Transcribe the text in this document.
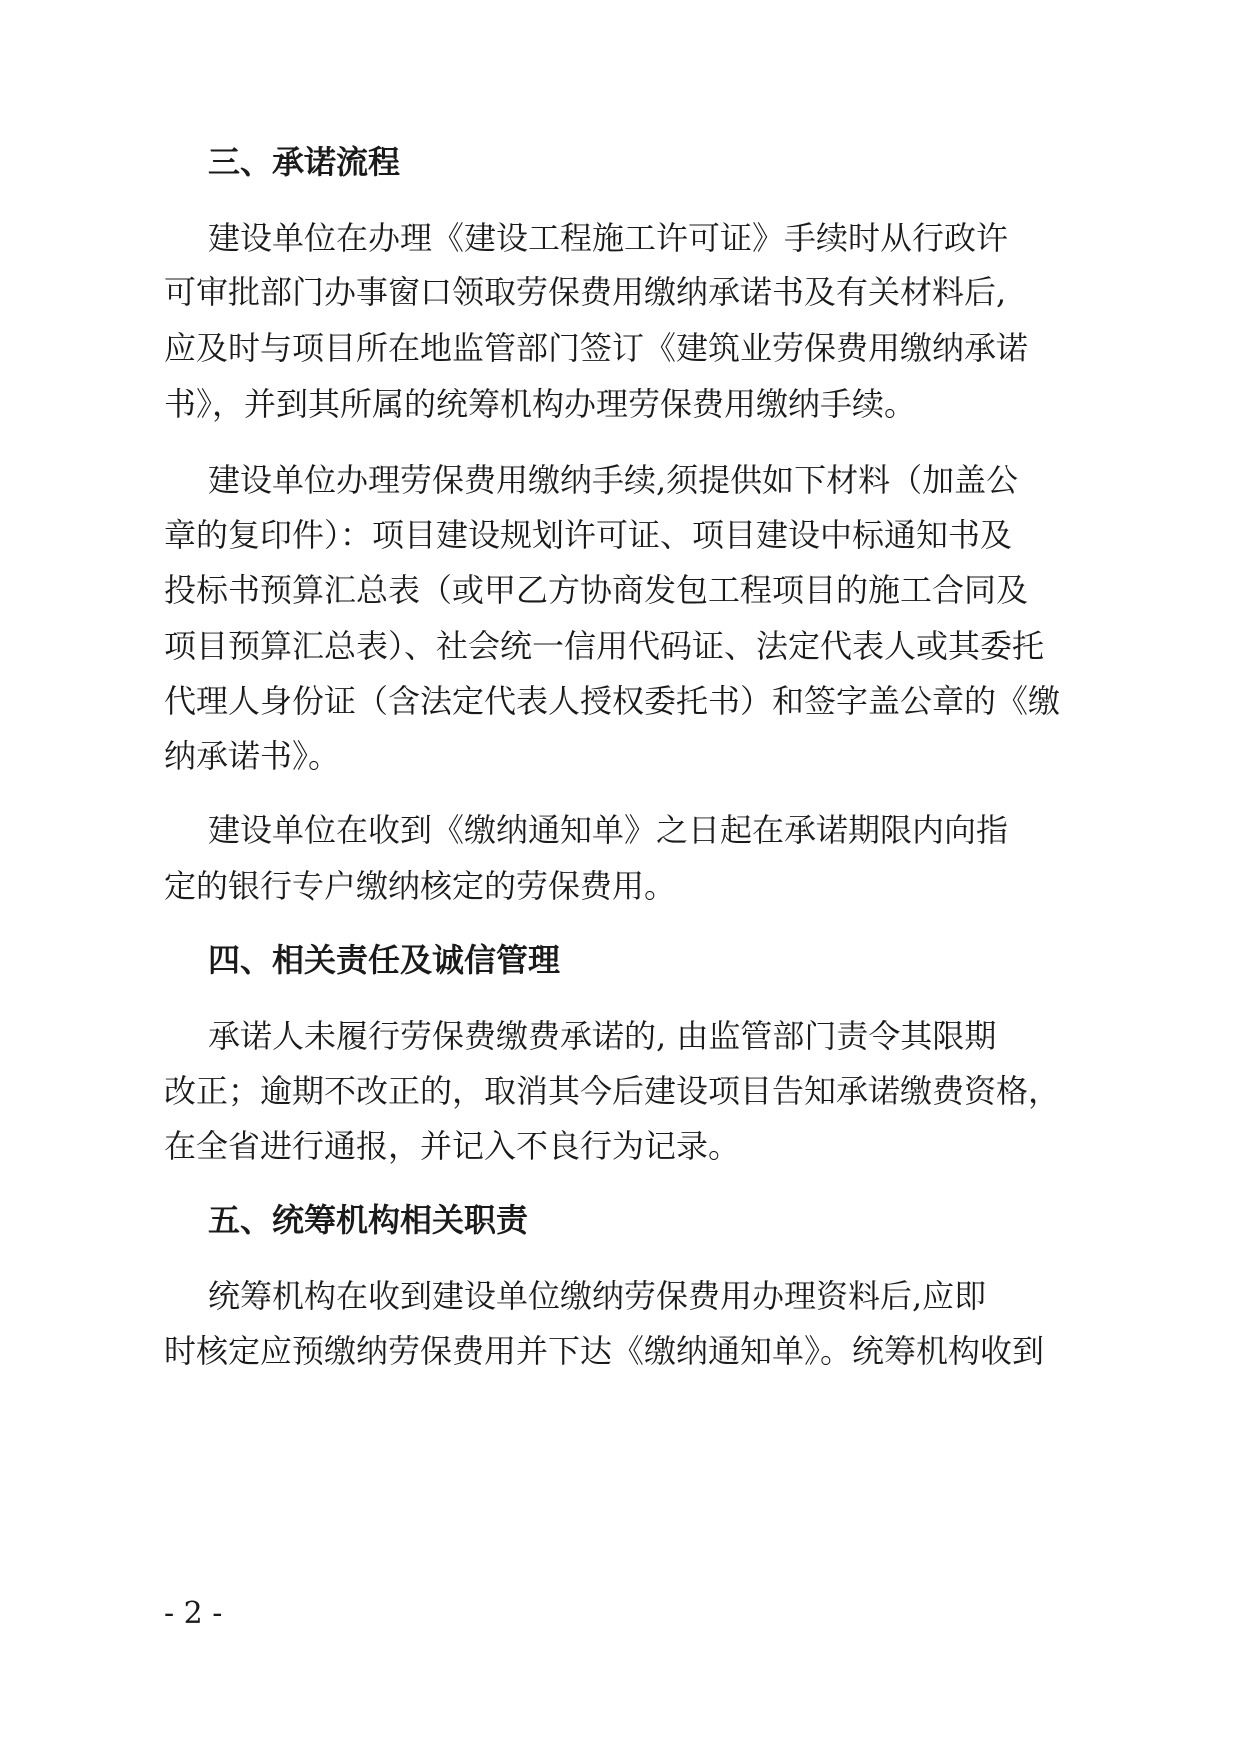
三、承诺流程
建设单位在办理《建设工程施工许可证》手续时从行政许
可审批部门办事窗口领取劳保费用缴纳承诺书及有关材料后,
应及时与项目所在地监管部门签订《建筑业劳保费用缴纳承诺
书》，并到其所属的统筹机构办理劳保费用缴纳手续。
建设单位办理劳保费用缴纳手续,须提供如下材料（加盖公
章的复印件）：项目建设规划许可证、项目建设中标通知书及
投标书预算汇总表（或甲乙方协商发包工程项目的施工合同及
项目预算汇总表）、社会统一信用代码证、法定代表人或其委托
代理人身份证（含法定代表人授权委托书）和签字盖公章的《缴
纳承诺书》。
建设单位在收到《缴纳通知单》之日起在承诺期限内向指
定的银行专户缴纳核定的劳保费用。
四、相关责任及诚信管理
承诺人未履行劳保费缴费承诺的, 由监管部门责令其限期
改正；逾期不改正的，取消其今后建设项目告知承诺缴费资格，
在全省进行通报，并记入不良行为记录。
五、统筹机构相关职责
统筹机构在收到建设单位缴纳劳保费用办理资料后,应即
时核定应预缴纳劳保费用并下达《缴纳通知单》。统筹机构收到
- 2 -
